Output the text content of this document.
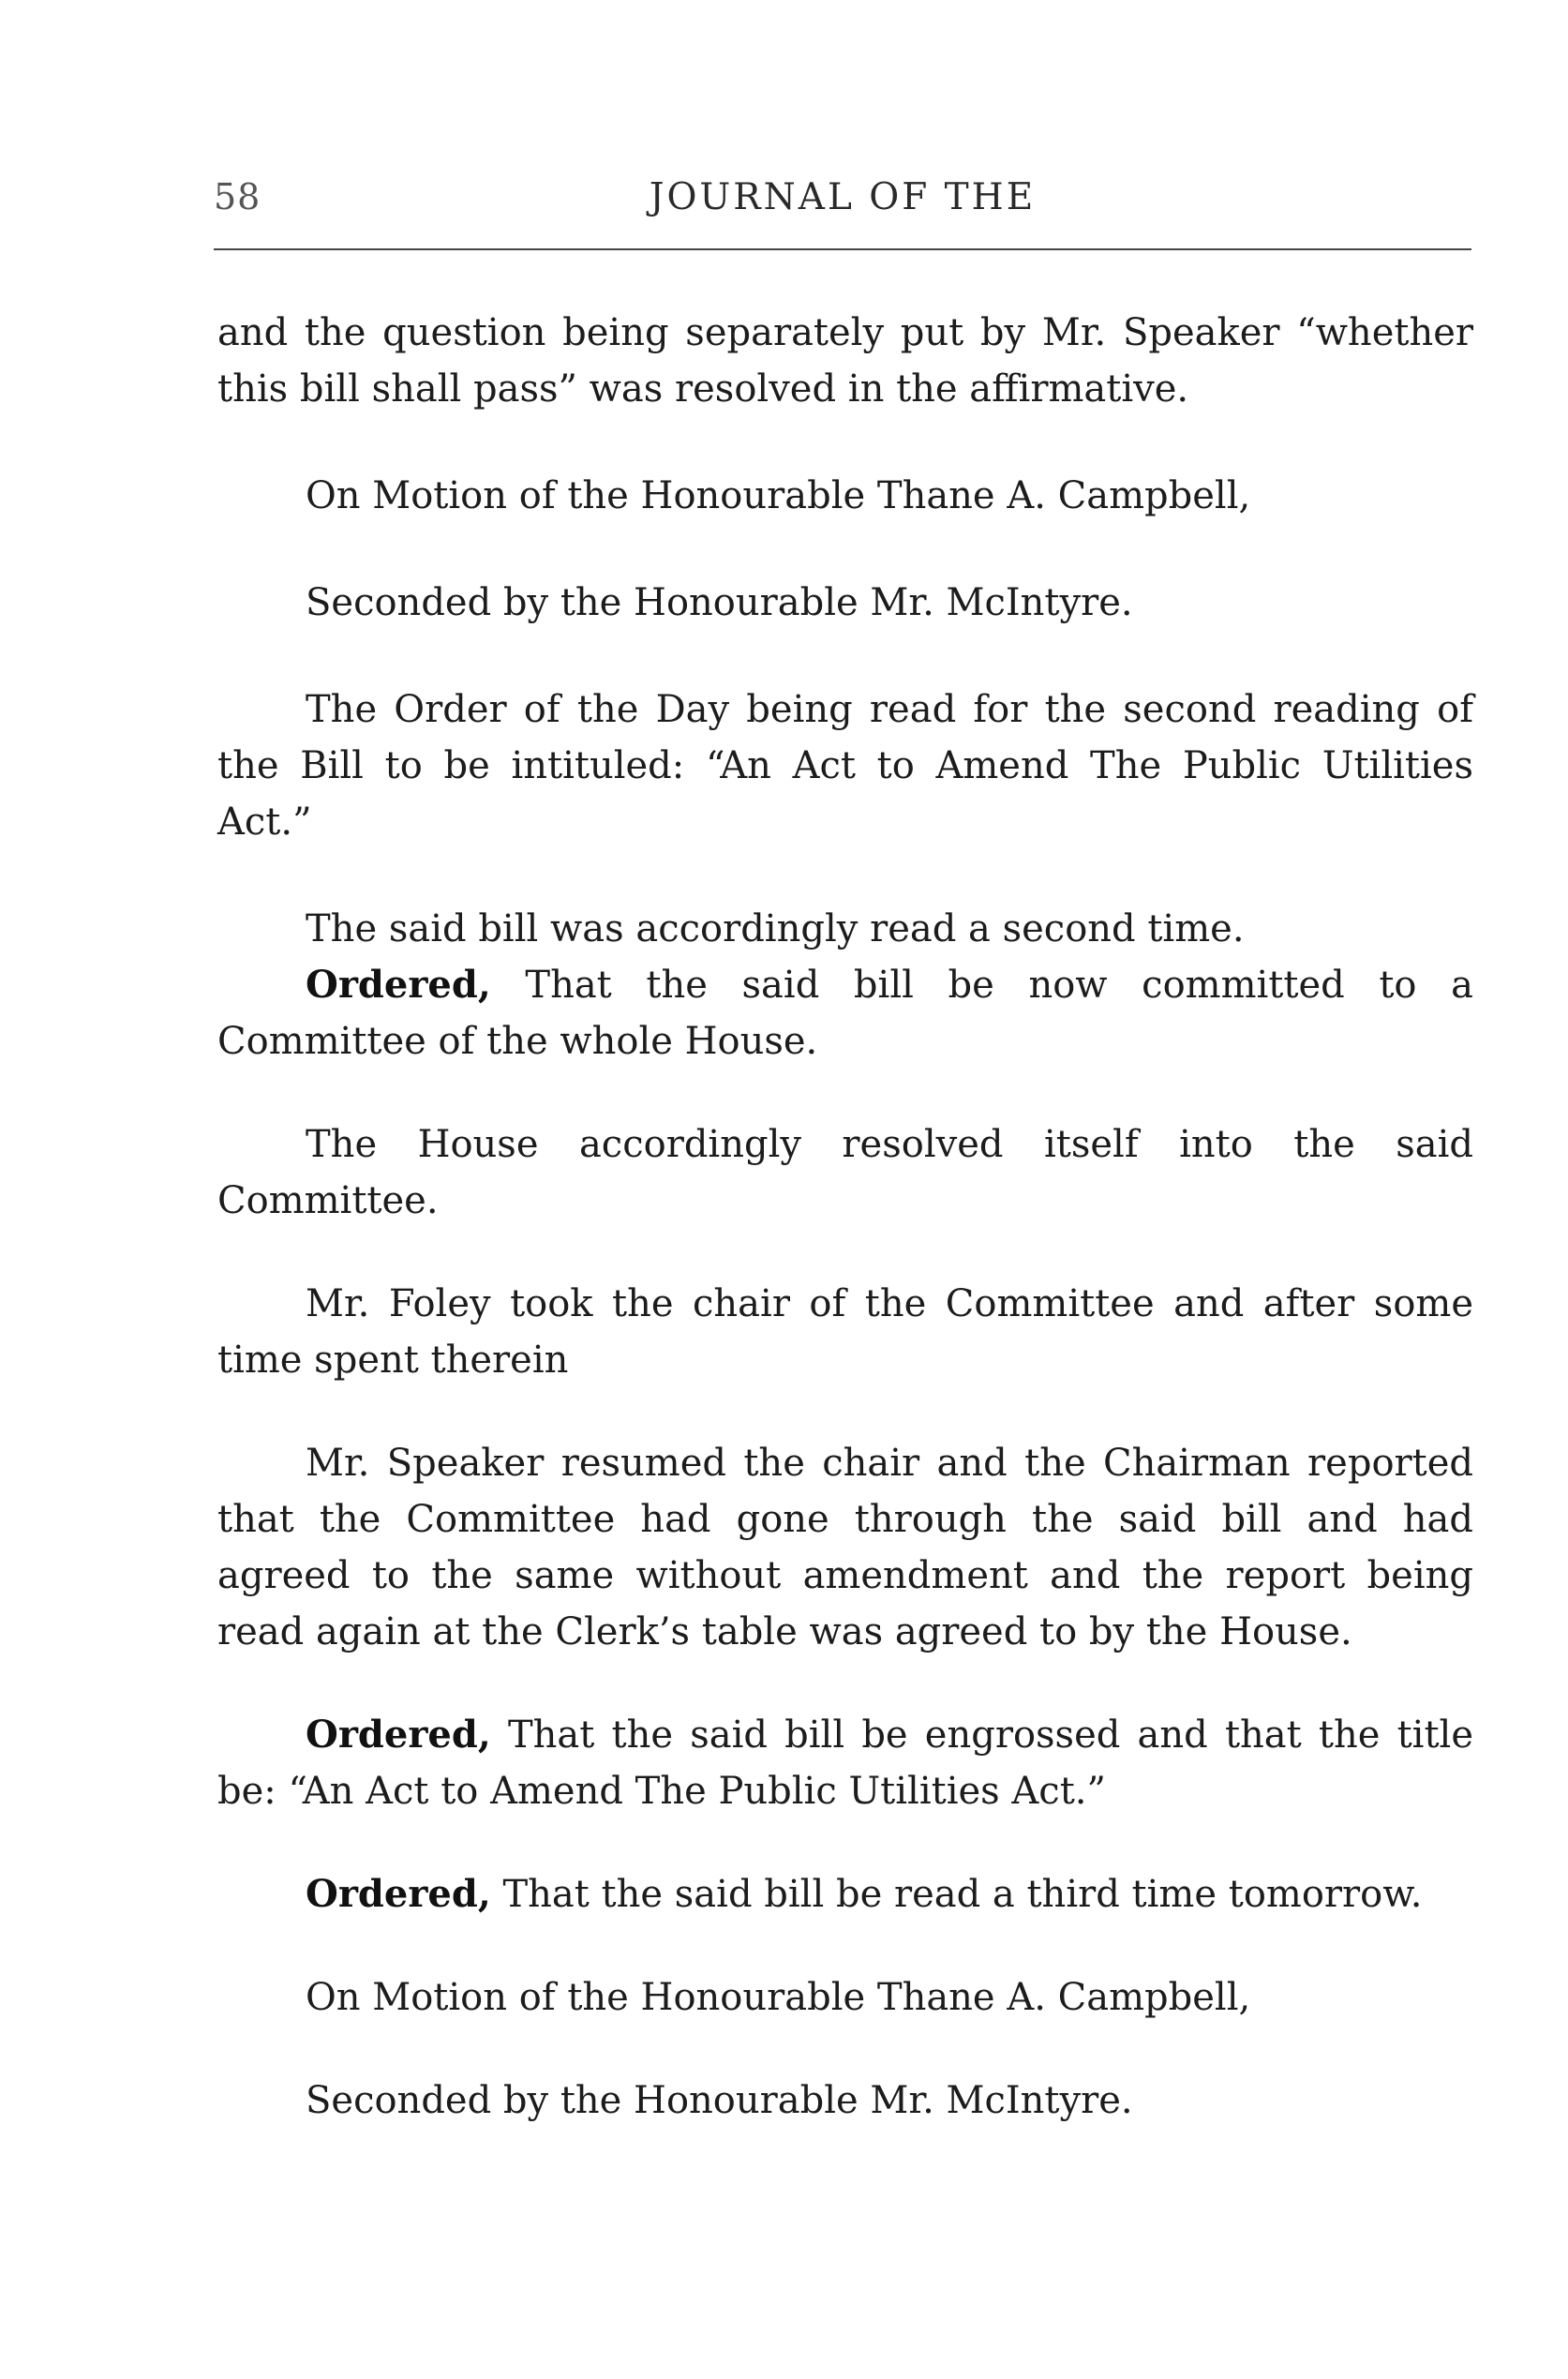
58	JOURNAL OF THE

and the question being separately put by Mr. Speaker “whether this bill shall pass” was resolved in the affirmative.

On Motion of the Honourable Thane A. Campbell,

Seconded by the Honourable Mr. McIntyre.

The Order of the Day being read for the second reading of the Bill to be intituled: “An Act to Amend The Public Utilities Act.”

The said bill was accordingly read a second time.

Ordered, That the said bill be now committed to a Committee of the whole House.

The House accordingly resolved itself into the said Committee.

Mr. Foley took the chair of the Committee and after some time spent therein

Mr. Speaker resumed the chair and the Chairman reported that the Committee had gone through the said bill and had agreed to the same without amendment and the report being read again at the Clerk’s table was agreed to by the House.

Ordered, That the said bill be engrossed and that the title be: “An Act to Amend The Public Utilities Act.”

Ordered, That the said bill be read a third time tomorrow.

On Motion of the Honourable Thane A. Campbell,

Seconded by the Honourable Mr. McIntyre.
